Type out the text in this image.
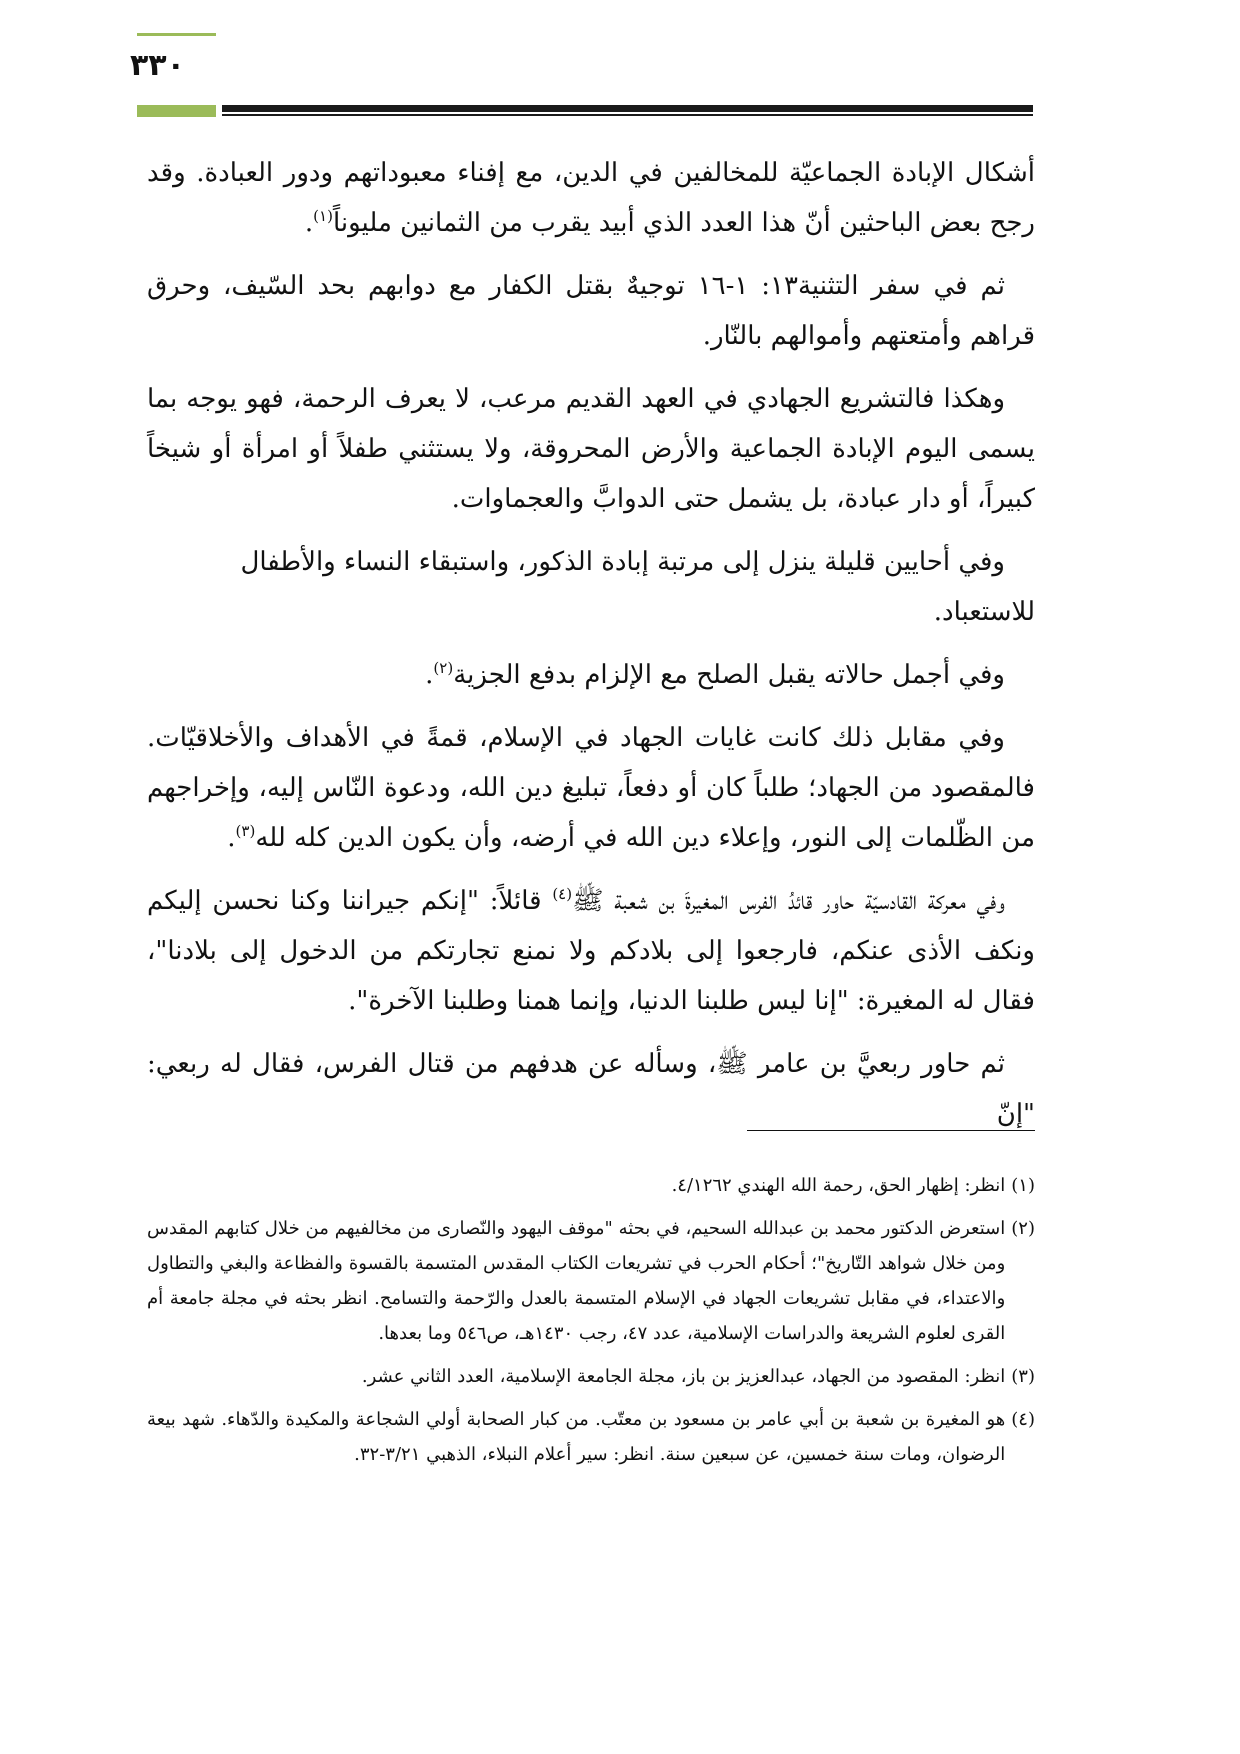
٣٣٠

أشكال الإبادة الجماعيّة للمخالفين في الدين، مع إفناء معبوداتهم ودور العبادة. وقد رجح بعض الباحثين أنّ هذا العدد الذي أبيد يقرب من الثمانين مليوناً$^{(١)}$.

ثم في سفر التثنية١٣: ١-١٦ توجيهٌ بقتل الكفار مع دوابهم بحد السّيف، وحرق قراهم وأمتعتهم وأموالهم بالنّار.

وهكذا فالتشريع الجهادي في العهد القديم مرعب، لا يعرف الرحمة، فهو يوجه بما يسمى اليوم الإبادة الجماعية والأرض المحروقة، ولا يستثني طفلاً أو امرأة أو شيخاً كبيراً، أو دار عبادة، بل يشمل حتى الدوابَّ والعجماوات.

وفي أحايين قليلة ينزل إلى مرتبة إبادة الذكور، واستبقاء النساء والأطفال للاستعباد.

وفي أجمل حالاته يقبل الصلح مع الإلزام بدفع الجزية$^{(٢)}$.

وفي مقابل ذلك كانت غايات الجهاد في الإسلام، قمةً في الأهداف والأخلاقيّات. فالمقصود من الجهاد؛ طلباً كان أو دفعاً، تبليغ دين الله، ودعوة النّاس إليه، وإخراجهم من الظّلمات إلى النور، وإعلاء دين الله في أرضه، وأن يكون الدين كله لله$^{(٣)}$.

وفي معركة القادسيّة حاور قائدُ الفرس المغيرةَ بن شعبة ﷺ$^{(٤)}$ قائلاً: "إنكم جيراننا وكنا نحسن إليكم ونكف الأذى عنكم، فارجعوا إلى بلادكم ولا نمنع تجارتكم من الدخول إلى بلادنا"، فقال له المغيرة: "إنا ليس طلبنا الدنيا، وإنما همنا وطلبنا الآخرة".

ثم حاور ربعيَّ بن عامر ﷺ، وسأله عن هدفهم من قتال الفرس، فقال له ربعي: "إنّ

(١)
انظر: إظهار الحق، رحمة الله الهندي ٤/١٢٦٢.
(٢)
استعرض الدكتور محمد بن عبدالله السحيم، في بحثه "موقف اليهود والنّصارى من مخالفيهم من خلال كتابهم المقدس ومن خلال شواهد التّاريخ"؛ أحكام الحرب في تشريعات الكتاب المقدس المتسمة بالقسوة والفظاعة والبغي والتطاول والاعتداء، في مقابل تشريعات الجهاد في الإسلام المتسمة بالعدل والرّحمة والتسامح. انظر بحثه في مجلة جامعة أم القرى لعلوم الشريعة والدراسات الإسلامية، عدد ٤٧، رجب ١٤٣٠هـ، ص٥٤٦ وما بعدها.
(٣)
انظر: المقصود من الجهاد، عبدالعزيز بن باز، مجلة الجامعة الإسلامية، العدد الثاني عشر.
(٤)
هو المغيرة بن شعبة بن أبي عامر بن مسعود بن معتّب. من كبار الصحابة أولي الشجاعة والمكيدة والدّهاء. شهد بيعة الرضوان، ومات سنة خمسين، عن سبعين سنة. انظر: سير أعلام النبلاء، الذهبي ٣/٢١-٣٢.
